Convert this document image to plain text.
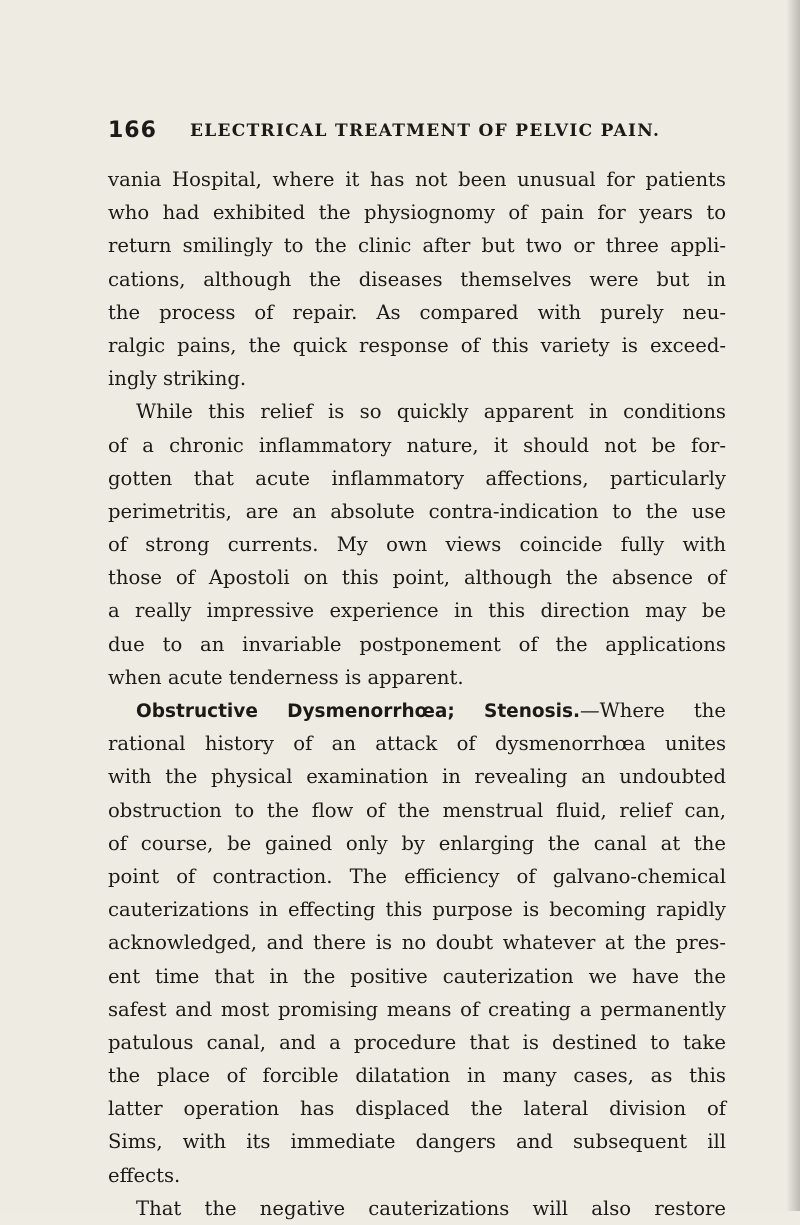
166 ELECTRICAL TREATMENT OF PELVIC PAIN.
vania Hospital, where it has not been unusual for patients
who had exhibited the physiognomy of pain for years to
return smilingly to the clinic after but two or three appli-
cations, although the diseases themselves were but in
the process of repair. As compared with purely neu-
ralgic pains, the quick response of this variety is exceed-
ingly striking.
While this relief is so quickly apparent in conditions
of a chronic inflammatory nature, it should not be for-
gotten that acute inflammatory affections, particularly
perimetritis, are an absolute contra-indication to the use
of strong currents. My own views coincide fully with
those of Apostoli on this point, although the absence of
a really impressive experience in this direction may be
due to an invariable postponement of the applications
when acute tenderness is apparent.
Obstructive Dysmenorrhœa; Stenosis.—Where the
rational history of an attack of dysmenorrhœa unites
with the physical examination in revealing an undoubted
obstruction to the flow of the menstrual fluid, relief can,
of course, be gained only by enlarging the canal at the
point of contraction. The efficiency of galvano-chemical
cauterizations in effecting this purpose is becoming rapidly
acknowledged, and there is no doubt whatever at the pres-
ent time that in the positive cauterization we have the
safest and most promising means of creating a permanently
patulous canal, and a procedure that is destined to take
the place of forcible dilatation in many cases, as this
latter operation has displaced the lateral division of
Sims, with its immediate dangers and subsequent ill
effects.
That the negative cauterizations will also restore
